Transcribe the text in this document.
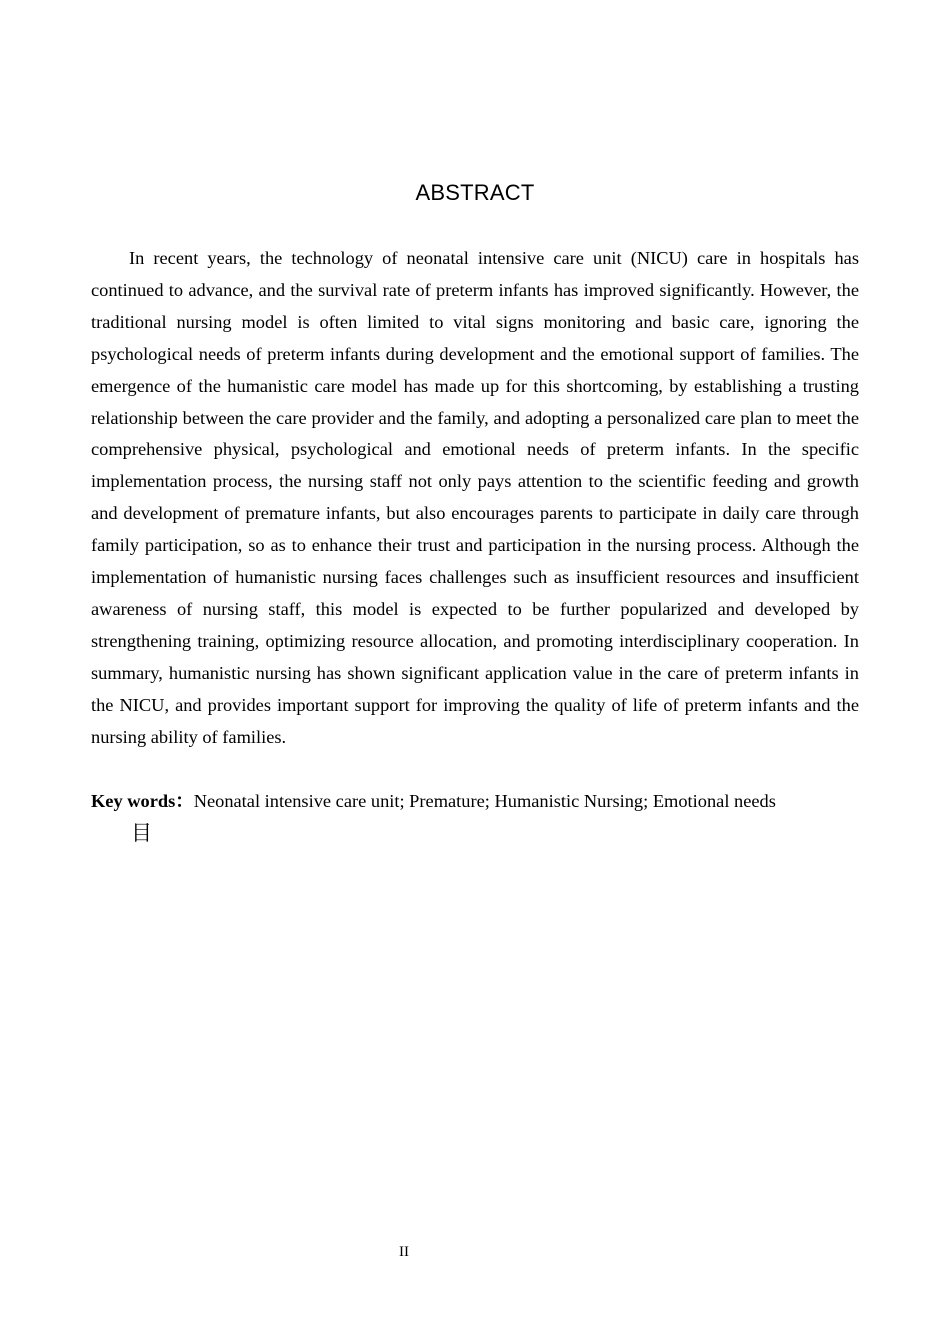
ABSTRACT

In recent years, the technology of neonatal intensive care unit (NICU) care in hospitals has continued to advance, and the survival rate of preterm infants has improved significantly. However, the traditional nursing model is often limited to vital signs monitoring and basic care, ignoring the psychological needs of preterm infants during development and the emotional support of families. The emergence of the humanistic care model has made up for this shortcoming, by establishing a trusting relationship between the care provider and the family, and adopting a personalized care plan to meet the comprehensive physical, psychological and emotional needs of preterm infants. In the specific implementation process, the nursing staff not only pays attention to the scientific feeding and growth and development of premature infants, but also encourages parents to participate in daily care through family participation, so as to enhance their trust and participation in the nursing process. Although the implementation of humanistic nursing faces challenges such as insufficient resources and insufficient awareness of nursing staff, this model is expected to be further popularized and developed by strengthening training, optimizing resource allocation, and promoting interdisciplinary cooperation. In summary, humanistic nursing has shown significant application value in the care of preterm infants in the NICU, and provides important support for improving the quality of life of preterm infants and the nursing ability of families.

Key words：Neonatal intensive care unit; Premature; Humanistic Nursing; Emotional needs
目
II
